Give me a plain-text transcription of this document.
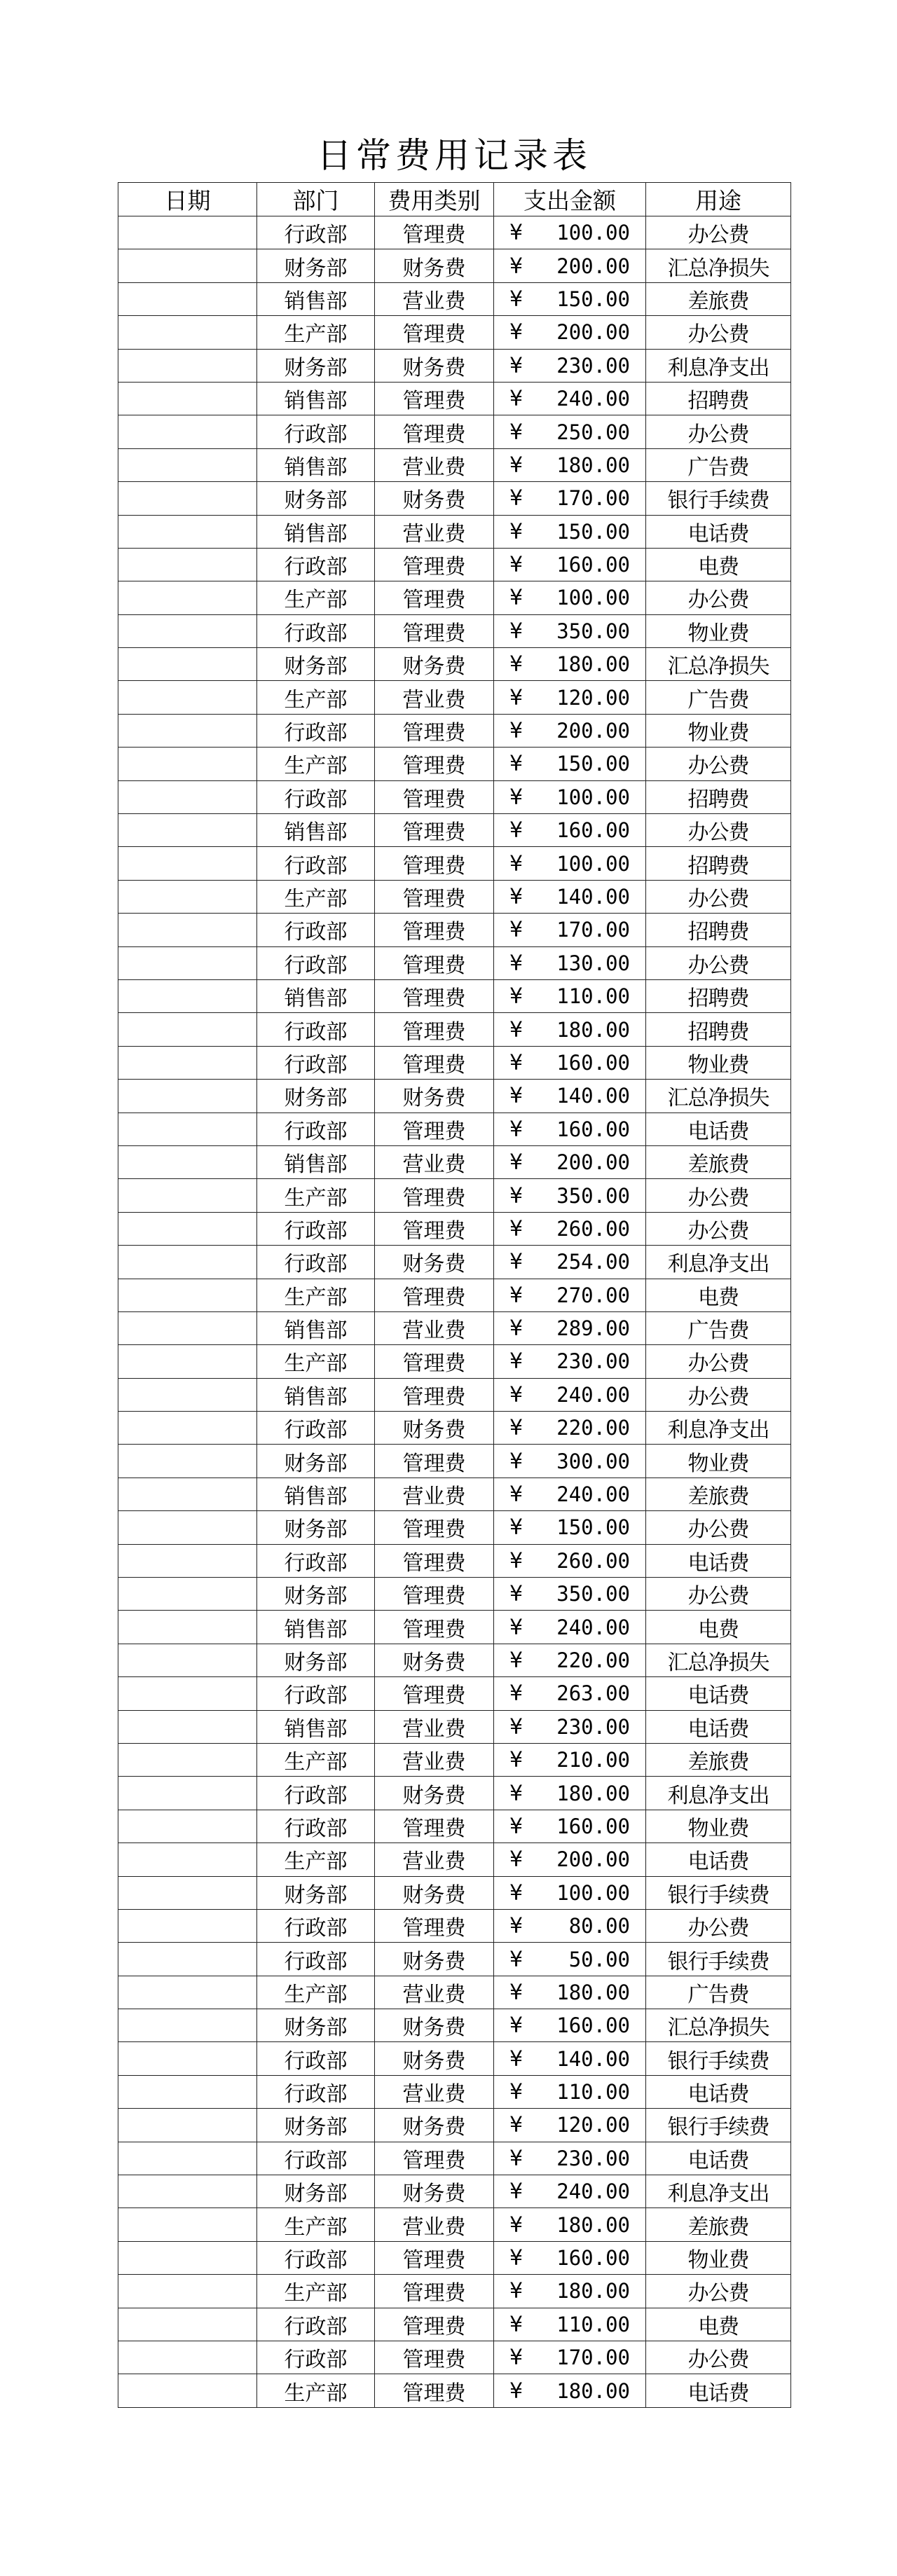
日常费用记录表
日期	部门	费用类别	支出金额	用途
	行政部	管理费	¥ 100.00	办公费
	财务部	财务费	¥ 200.00	汇总净损失
	销售部	营业费	¥ 150.00	差旅费
	生产部	管理费	¥ 200.00	办公费
	财务部	财务费	¥ 230.00	利息净支出
	销售部	管理费	¥ 240.00	招聘费
	行政部	管理费	¥ 250.00	办公费
	销售部	营业费	¥ 180.00	广告费
	财务部	财务费	¥ 170.00	银行手续费
	销售部	营业费	¥ 150.00	电话费
	行政部	管理费	¥ 160.00	电费
	生产部	管理费	¥ 100.00	办公费
	行政部	管理费	¥ 350.00	物业费
	财务部	财务费	¥ 180.00	汇总净损失
	生产部	营业费	¥ 120.00	广告费
	行政部	管理费	¥ 200.00	物业费
	生产部	管理费	¥ 150.00	办公费
	行政部	管理费	¥ 100.00	招聘费
	销售部	管理费	¥ 160.00	办公费
	行政部	管理费	¥ 100.00	招聘费
	生产部	管理费	¥ 140.00	办公费
	行政部	管理费	¥ 170.00	招聘费
	行政部	管理费	¥ 130.00	办公费
	销售部	管理费	¥ 110.00	招聘费
	行政部	管理费	¥ 180.00	招聘费
	行政部	管理费	¥ 160.00	物业费
	财务部	财务费	¥ 140.00	汇总净损失
	行政部	管理费	¥ 160.00	电话费
	销售部	营业费	¥ 200.00	差旅费
	生产部	管理费	¥ 350.00	办公费
	行政部	管理费	¥ 260.00	办公费
	行政部	财务费	¥ 254.00	利息净支出
	生产部	管理费	¥ 270.00	电费
	销售部	营业费	¥ 289.00	广告费
	生产部	管理费	¥ 230.00	办公费
	销售部	管理费	¥ 240.00	办公费
	行政部	财务费	¥ 220.00	利息净支出
	财务部	管理费	¥ 300.00	物业费
	销售部	营业费	¥ 240.00	差旅费
	财务部	管理费	¥ 150.00	办公费
	行政部	管理费	¥ 260.00	电话费
	财务部	管理费	¥ 350.00	办公费
	销售部	管理费	¥ 240.00	电费
	财务部	财务费	¥ 220.00	汇总净损失
	行政部	管理费	¥ 263.00	电话费
	销售部	营业费	¥ 230.00	电话费
	生产部	营业费	¥ 210.00	差旅费
	行政部	财务费	¥ 180.00	利息净支出
	行政部	管理费	¥ 160.00	物业费
	生产部	营业费	¥ 200.00	电话费
	财务部	财务费	¥ 100.00	银行手续费
	行政部	管理费	¥ 80.00	办公费
	行政部	财务费	¥ 50.00	银行手续费
	生产部	营业费	¥ 180.00	广告费
	财务部	财务费	¥ 160.00	汇总净损失
	行政部	财务费	¥ 140.00	银行手续费
	行政部	营业费	¥ 110.00	电话费
	财务部	财务费	¥ 120.00	银行手续费
	行政部	管理费	¥ 230.00	电话费
	财务部	财务费	¥ 240.00	利息净支出
	生产部	营业费	¥ 180.00	差旅费
	行政部	管理费	¥ 160.00	物业费
	生产部	管理费	¥ 180.00	办公费
	行政部	管理费	¥ 110.00	电费
	行政部	管理费	¥ 170.00	办公费
	生产部	管理费	¥ 180.00	电话费
